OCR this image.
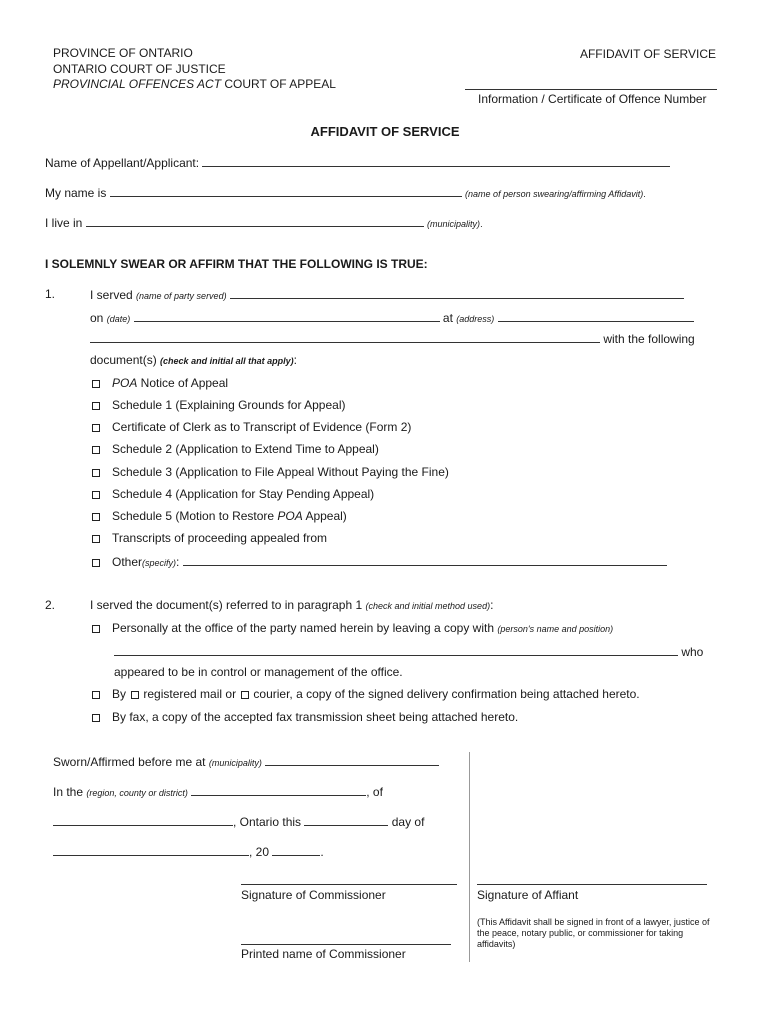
PROVINCE OF ONTARIO
ONTARIO COURT OF JUSTICE
PROVINCIAL OFFENCES ACT COURT OF APPEAL
AFFIDAVIT OF SERVICE
Information / Certificate of Offence Number
AFFIDAVIT OF SERVICE
Name of Appellant/Applicant:
My name is	(name of person swearing/affirming Affidavit).
I live in	(municipality).
I SOLEMNLY SWEAR OR AFFIRM THAT THE FOLLOWING IS TRUE:
1.	I served (name of party served)
on (date)	at (address)
with the following
document(s) (check and initial all that apply):
POA Notice of Appeal
Schedule 1 (Explaining Grounds for Appeal)
Certificate of Clerk as to Transcript of Evidence (Form 2)
Schedule 2 (Application to Extend Time to Appeal)
Schedule 3 (Application to File Appeal Without Paying the Fine)
Schedule 4 (Application for Stay Pending Appeal)
Schedule 5 (Motion to Restore POA Appeal)
Transcripts of proceeding appealed from
Other(specify):
2.	I served the document(s) referred to in paragraph 1 (check and initial method used):
Personally at the office of the party named herein by leaving a copy with (person's name and position)
who
appeared to be in control or management of the office.
By registered mail or courier, a copy of the signed delivery confirmation being attached hereto.
By fax, a copy of the accepted fax transmission sheet being attached hereto.
Sworn/Affirmed before me at (municipality)
In the (region, county or district)	, of
, Ontario this	day of
, 20	.
Signature of Commissioner	Signature of Affiant
(This Affidavit shall be signed in front of a lawyer, justice of the peace, notary public, or commissioner for taking affidavits)
Printed name of Commissioner
